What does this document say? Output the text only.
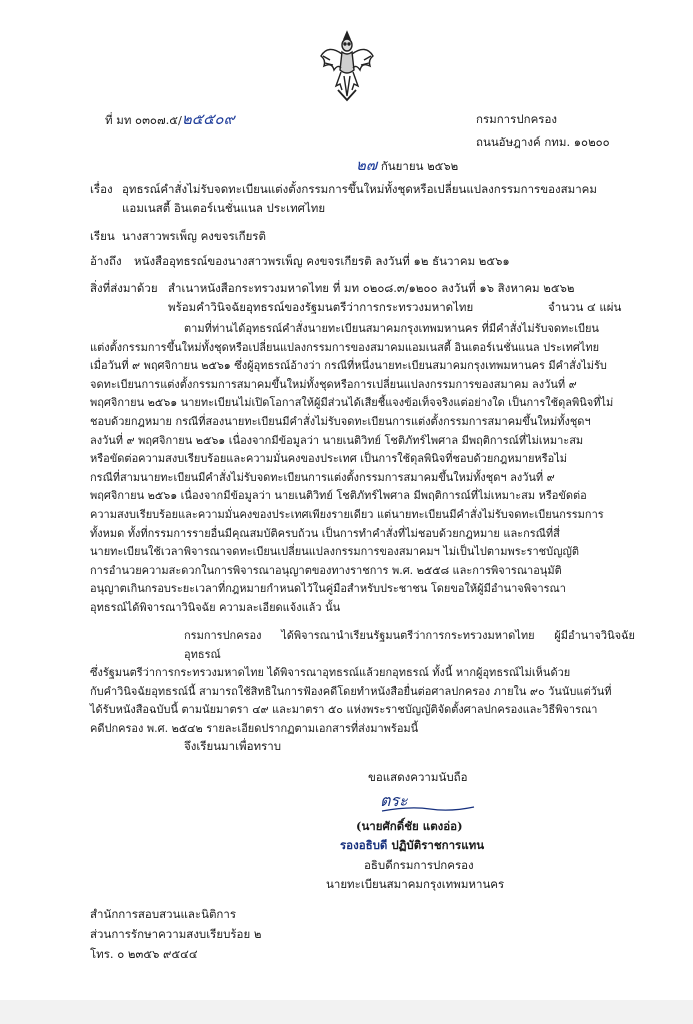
ที่ มท ๐๓๐๗.๕/๒๕๕๐๙	กรมการปกครอง
ถนนอัษฎางค์ กทม. ๑๐๒๐๐
๒๗ กันยายน ๒๕๖๒
เรื่อง อุทธรณ์คำสั่งไม่รับจดทะเบียนแต่งตั้งกรรมการขึ้นใหม่ทั้งชุดหรือเปลี่ยนแปลงกรรมการของสมาคม
แอมเนสตี้ อินเตอร์เนชั่นแนล ประเทศไทย
เรียน นางสาวพรเพ็ญ คงขจรเกียรติ
อ้างถึง หนังสืออุทธรณ์ของนางสาวพรเพ็ญ คงขจรเกียรติ ลงวันที่ ๑๒ ธันวาคม ๒๕๖๑
สิ่งที่ส่งมาด้วย สำเนาหนังสือกระทรวงมหาดไทย ที่ มท ๐๒๐๘.๓/๑๒๐๐ ลงวันที่ ๑๖ สิงหาคม ๒๕๖๒
พร้อมคำวินิจฉัยอุทธรณ์ของรัฐมนตรีว่าการกระทรวงมหาดไทย	จำนวน ๔ แผ่น
ตามที่ท่านได้อุทธรณ์คำสั่งนายทะเบียนสมาคมกรุงเทพมหานคร ที่มีคำสั่งไม่รับจดทะเบียน
แต่งตั้งกรรมการขึ้นใหม่ทั้งชุดหรือเปลี่ยนแปลงกรรมการของสมาคมแอมเนสตี้ อินเตอร์เนชั่นแนล ประเทศไทย
เมื่อวันที่ ๙ พฤศจิกายน ๒๕๖๑ ซึ่งผู้อุทธรณ์อ้างว่า กรณีที่หนึ่งนายทะเบียนสมาคมกรุงเทพมหานคร มีคำสั่งไม่รับ
จดทะเบียนการแต่งตั้งกรรมการสมาคมขึ้นใหม่ทั้งชุดหรือการเปลี่ยนแปลงกรรมการของสมาคม ลงวันที่ ๙
พฤศจิกายน ๒๕๖๑ นายทะเบียนไม่เปิดโอกาสให้ผู้มีส่วนได้เสียชี้แจงข้อเท็จจริงแต่อย่างใด เป็นการใช้ดุลพินิจที่ไม่
ชอบด้วยกฎหมาย กรณีที่สองนายทะเบียนมีคำสั่งไม่รับจดทะเบียนการแต่งตั้งกรรมการสมาคมขึ้นใหม่ทั้งชุดฯ
ลงวันที่ ๙ พฤศจิกายน ๒๕๖๑ เนื่องจากมีข้อมูลว่า นายเนติวิทย์ โชติภัทร์ไพศาล มีพฤติการณ์ที่ไม่เหมาะสม
หรือขัดต่อความสงบเรียบร้อยและความมั่นคงของประเทศ เป็นการใช้ดุลพินิจที่ชอบด้วยกฎหมายหรือไม่
กรณีที่สามนายทะเบียนมีคำสั่งไม่รับจดทะเบียนการแต่งตั้งกรรมการสมาคมขึ้นใหม่ทั้งชุดฯ ลงวันที่ ๙
พฤศจิกายน ๒๕๖๑ เนื่องจากมีข้อมูลว่า นายเนติวิทย์ โชติภัทร์ไพศาล มีพฤติการณ์ที่ไม่เหมาะสม หรือขัดต่อ
ความสงบเรียบร้อยและความมั่นคงของประเทศเพียงรายเดียว แต่นายทะเบียนมีคำสั่งไม่รับจดทะเบียนกรรมการ
ทั้งหมด ทั้งที่กรรมการรายอื่นมีคุณสมบัติครบถ้วน เป็นการทำคำสั่งที่ไม่ชอบด้วยกฎหมาย และกรณีที่สี่
นายทะเบียนใช้เวลาพิจารณาจดทะเบียนเปลี่ยนแปลงกรรมการของสมาคมฯ ไม่เป็นไปตามพระราชบัญญัติ
การอำนวยความสะดวกในการพิจารณาอนุญาตของทางราชการ พ.ศ. ๒๕๕๘ และการพิจารณาอนุมัติ
อนุญาตเกินกรอบระยะเวลาที่กฎหมายกำหนดไว้ในคู่มือสำหรับประชาชน โดยขอให้ผู้มีอำนาจพิจารณา
อุทธรณ์ได้พิจารณาวินิจฉัย ความละเอียดแจ้งแล้ว นั้น
กรมการปกครอง ได้พิจารณานำเรียนรัฐมนตรีว่าการกระทรวงมหาดไทย ผู้มีอำนาจวินิจฉัยอุทธรณ์
ซึ่งรัฐมนตรีว่าการกระทรวงมหาดไทย ได้พิจารณาอุทธรณ์แล้วยกอุทธรณ์ ทั้งนี้ หากผู้อุทธรณ์ไม่เห็นด้วย
กับคำวินิจฉัยอุทธรณ์นี้ สามารถใช้สิทธิในการฟ้องคดีโดยทำหนังสือยื่นต่อศาลปกครอง ภายใน ๙๐ วันนับแต่วันที่
ได้รับหนังสือฉบับนี้ ตามนัยมาตรา ๔๙ และมาตรา ๕๐ แห่งพระราชบัญญัติจัดตั้งศาลปกครองและวิธีพิจารณา
คดีปกครอง พ.ศ. ๒๕๔๒ รายละเอียดปรากฏตามเอกสารที่ส่งมาพร้อมนี้
จึงเรียนมาเพื่อทราบ
ขอแสดงความนับถือ
ตระ
(นายศักดิ์ชัย แตงอ่อ)
รองอธิบดี ปฏิบัติราชการแทน
อธิบดีกรมการปกครอง
นายทะเบียนสมาคมกรุงเทพมหานคร
สำนักการสอบสวนและนิติการ
ส่วนการรักษาความสงบเรียบร้อย ๒
โทร. ๐ ๒๓๕๖ ๙๕๔๔
